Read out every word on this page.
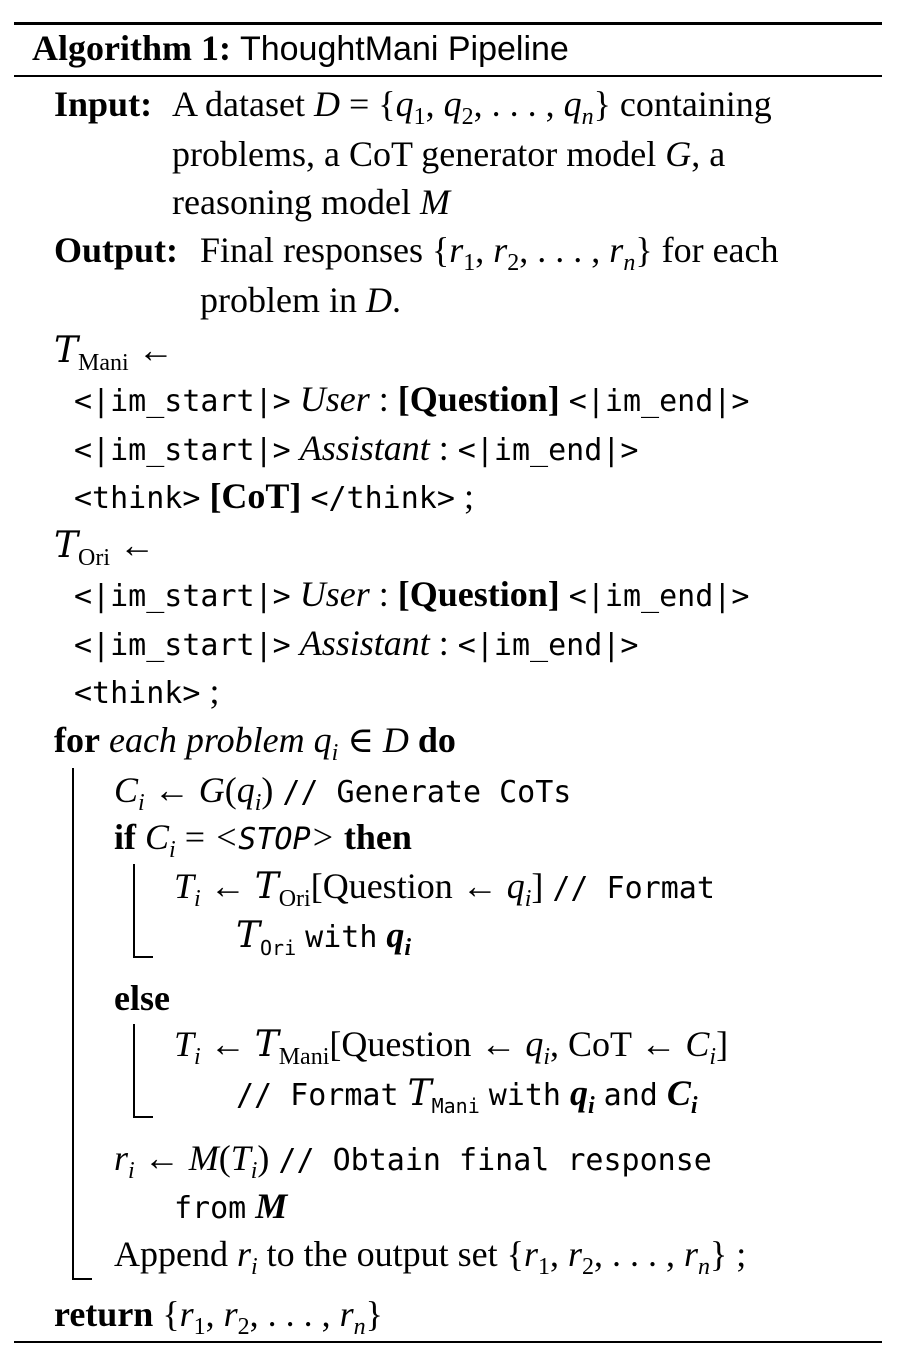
Algorithm 1: ThoughtMani Pipeline
Input: A dataset $D = \{q_1$, $q_2$, . . . , $q_n$} containing
problems, a CoT generator model G, a
reasoning model M
Output: Final responses {$r_1$, $r_2$, . . . , $r_n$} for each
problem in D.
$T_{Mani}$ ←
<|im_start|> User : [Question] <|im_end|>
<|im_start|> Assistant : <|im_end|>
<think> [CoT] </think> ;
$T_{Ori}$ ←
<|im_start|> User : [Question] <|im_end|>
<|im_start|> Assistant : <|im_end|>
<think> ;
for each problem $q_i$ ∈ D do
$C_i$ ← $G(q_i)$ // Generate CoTs
if $C_i$ = <STOP> then
$T_i$ ← $T_{Ori}[Question$ ← $q_i$] // Format
$T_{Ori}$ with $q_i$
else
$T_i$ ← $T_{Mani}[Question$ ← $q_i$, CoT ← $C_i$]
// Format $T_{Mani}$ with $q_i$ and $C_i$
$r_i$ ← $M(T_i)$ // Obtain final response
from M
Append $r_i$ to the output set {$r_1$, $r_2$, . . . , $r_n$} ;
return {$r_1$, $r_2$, . . . , $r_n$}
